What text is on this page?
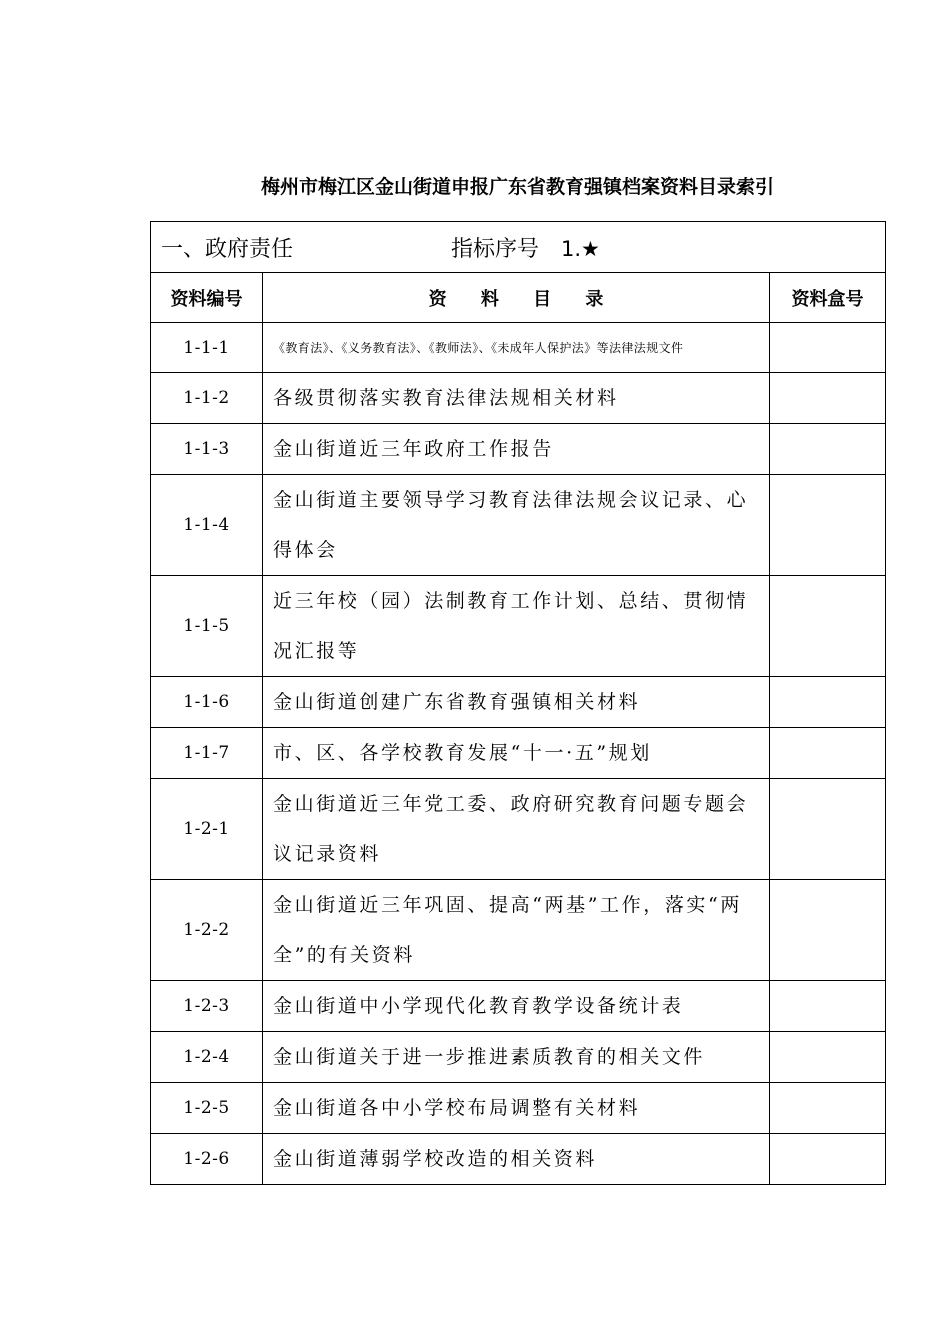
梅州市梅江区金山街道申报广东省教育强镇档案资料目录索引
一、政府责任 指标序号 1.★		
资料编号	资 料 目 录	资料盒号
1-1-1	《教育法》、《义务教育法》、《教师法》、《未成年人保护法》等法律法规文件	
1-1-2	各级贯彻落实教育法律法规相关材料	
1-1-3	金山街道近三年政府工作报告	
1-1-4	金山街道主要领导学习教育法律法规会议记录、心得体会	
1-1-5	近三年校（园）法制教育工作计划、总结、贯彻情况汇报等	
1-1-6	金山街道创建广东省教育强镇相关材料	
1-1-7	市、区、各学校教育发展“十一·五”规划	
1-2-1	金山街道近三年党工委、政府研究教育问题专题会议记录资料	
1-2-2	金山街道近三年巩固、提高“两基”工作，落实“两全”的有关资料	
1-2-3	金山街道中小学现代化教育教学设备统计表	
1-2-4	金山街道关于进一步推进素质教育的相关文件	
1-2-5	金山街道各中小学校布局调整有关材料	
1-2-6	金山街道薄弱学校改造的相关资料	
